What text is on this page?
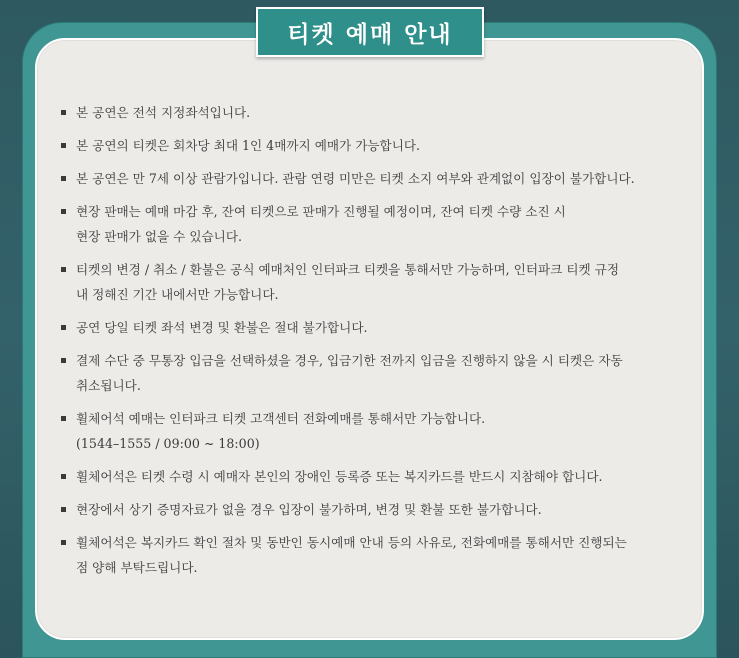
티켓 예매 안내
본 공연은 전석 지정좌석입니다.
본 공연의 티켓은 회차당 최대 1인 4매까지 예매가 가능합니다.
본 공연은 만 7세 이상 관람가입니다. 관람 연령 미만은 티켓 소지 여부와 관계없이 입장이 불가합니다.
현장 판매는 예매 마감 후, 잔여 티켓으로 판매가 진행될 예정이며, 잔여 티켓 수량 소진 시
현장 판매가 없을 수 있습니다.
티켓의 변경 / 취소 / 환불은 공식 예매처인 인터파크 티켓을 통해서만 가능하며, 인터파크 티켓 규정
내 정해진 기간 내에서만 가능합니다.
공연 당일 티켓 좌석 변경 및 환불은 절대 불가합니다.
결제 수단 중 무통장 입금을 선택하셨을 경우, 입금기한 전까지 입금을 진행하지 않을 시 티켓은 자동
취소됩니다.
휠체어석 예매는 인터파크 티켓 고객센터 전화예매를 통해서만 가능합니다.
(1544–1555 / 09:00 ~ 18:00)
휠체어석은 티켓 수령 시 예매자 본인의 장애인 등록증 또는 복지카드를 반드시 지참해야 합니다.
현장에서 상기 증명자료가 없을 경우 입장이 불가하며, 변경 및 환불 또한 불가합니다.
휠체어석은 복지카드 확인 절차 및 동반인 동시예매 안내 등의 사유로, 전화예매를 통해서만 진행되는
점 양해 부탁드립니다.
